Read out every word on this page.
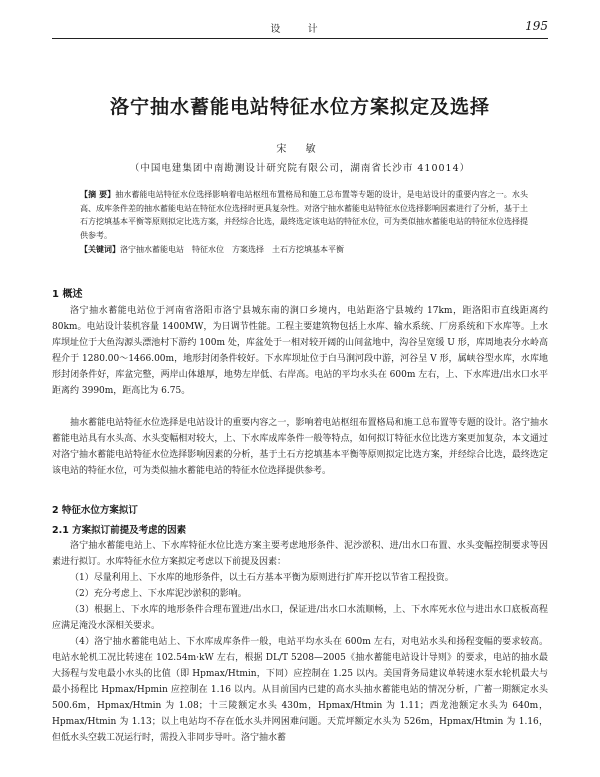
设 计	195
洛宁抽水蓄能电站特征水位方案拟定及选择
宋 敏
（中国电建集团中南勘测设计研究院有限公司，湖南省长沙市 410014）

【摘 要】抽水蓄能电站特征水位选择影响着电站枢纽布置格局和施工总布置等专题的设计，是电站设计的重要内容之一。水头高、成库条件差的抽水蓄能电站在特征水位选择时更具复杂性。对洛宁抽水蓄能电站特征水位选择影响因素进行了分析，基于土石方挖填基本平衡等原则拟定比选方案，并经综合比选，最终选定该电站的特征水位，可为类似抽水蓄能电站的特征水位选择提供参考。

【关键词】洛宁抽水蓄能电站　特征水位　方案选择　土石方挖填基本平衡

1 概述

洛宁抽水蓄能电站位于河南省洛阳市洛宁县城东南的涧口乡境内，电站距洛宁县城约 17km，距洛阳市直线距离约 80km。电站设计装机容量 1400MW，为日调节性能。工程主要建筑物包括上水库、输水系统、厂房系统和下水库等。上水库坝址位于大鱼沟源头漂池村下游约 100m 处，库盆处于一相对较开阔的山间盆地中，沟谷呈宽缓 U 形，库周地表分水岭高程介于 1280.00～1466.00m，地形封闭条件较好。下水库坝址位于白马涧河段中游，河谷呈 V 形，属峡谷型水库，水库地形封闭条件好，库盆完整，两岸山体雄厚，地势左岸低、右岸高。电站的平均水头在 600m 左右，上、下水库进/出水口水平距离约 3990m，距高比为 6.75。

抽水蓄能电站特征水位选择是电站设计的重要内容之一，影响着电站枢纽布置格局和施工总布置等专题的设计。洛宁抽水蓄能电站具有水头高、水头变幅相对较大，上、下水库成库条件一般等特点，如何拟订特征水位比选方案更加复杂，本文通过对洛宁抽水蓄能电站特征水位选择影响因素的分析，基于土石方挖填基本平衡等原则拟定比选方案，并经综合比选，最终选定该电站的特征水位，可为类似抽水蓄能电站的特征水位选择提供参考。

2 特征水位方案拟订
2.1 方案拟订前提及考虑的因素

洛宁抽水蓄能电站上、下水库特征水位比选方案主要考虑地形条件、泥沙淤积、进/出水口布置、水头变幅控制要求等因素进行拟订。水库特征水位方案拟定考虑以下前提及因素：

（1）尽量利用上、下水库的地形条件，以土石方基本平衡为原则进行扩库开挖以节省工程投资。

（2）充分考虑上、下水库泥沙淤积的影响。

（3）根据上、下水库的地形条件合理布置进/出水口，保证进/出水口水流顺畅，上、下水库死水位与进出水口底板高程应满足淹没水深相关要求。

（4）洛宁抽水蓄能电站上、下水库成库条件一般，电站平均水头在 600m 左右，对电站水头和扬程变幅的要求较高。电站水轮机工况比转速在 102.54m·kW 左右，根据 DL/T 5208—2005《抽水蓄能电站设计导则》的要求，电站的抽水最大扬程与发电最小水头的比值（即 Hpmax/Htmin，下同）应控制在 1.25 以内。美国背务局建议单转速水泵水轮机最大与最小扬程比 Hpmax/Hpmin 应控制在 1.16 以内。从目前国内已建的高水头抽水蓄能电站的情况分析，广蓄一期额定水头 500.6m，Hpmax/Htmin 为 1.08；十三陵额定水头 430m，Hpmax/Htmin 为 1.11；西龙池额定水头为 640m，Hpmax/Htmin 为 1.13；以上电站均不存在低水头并网困难问题。天荒坪额定水头为 526m，Hpmax/Htmin 为 1.16，但低水头空载工况运行时，需投入非同步导叶。洛宁抽水蓄
